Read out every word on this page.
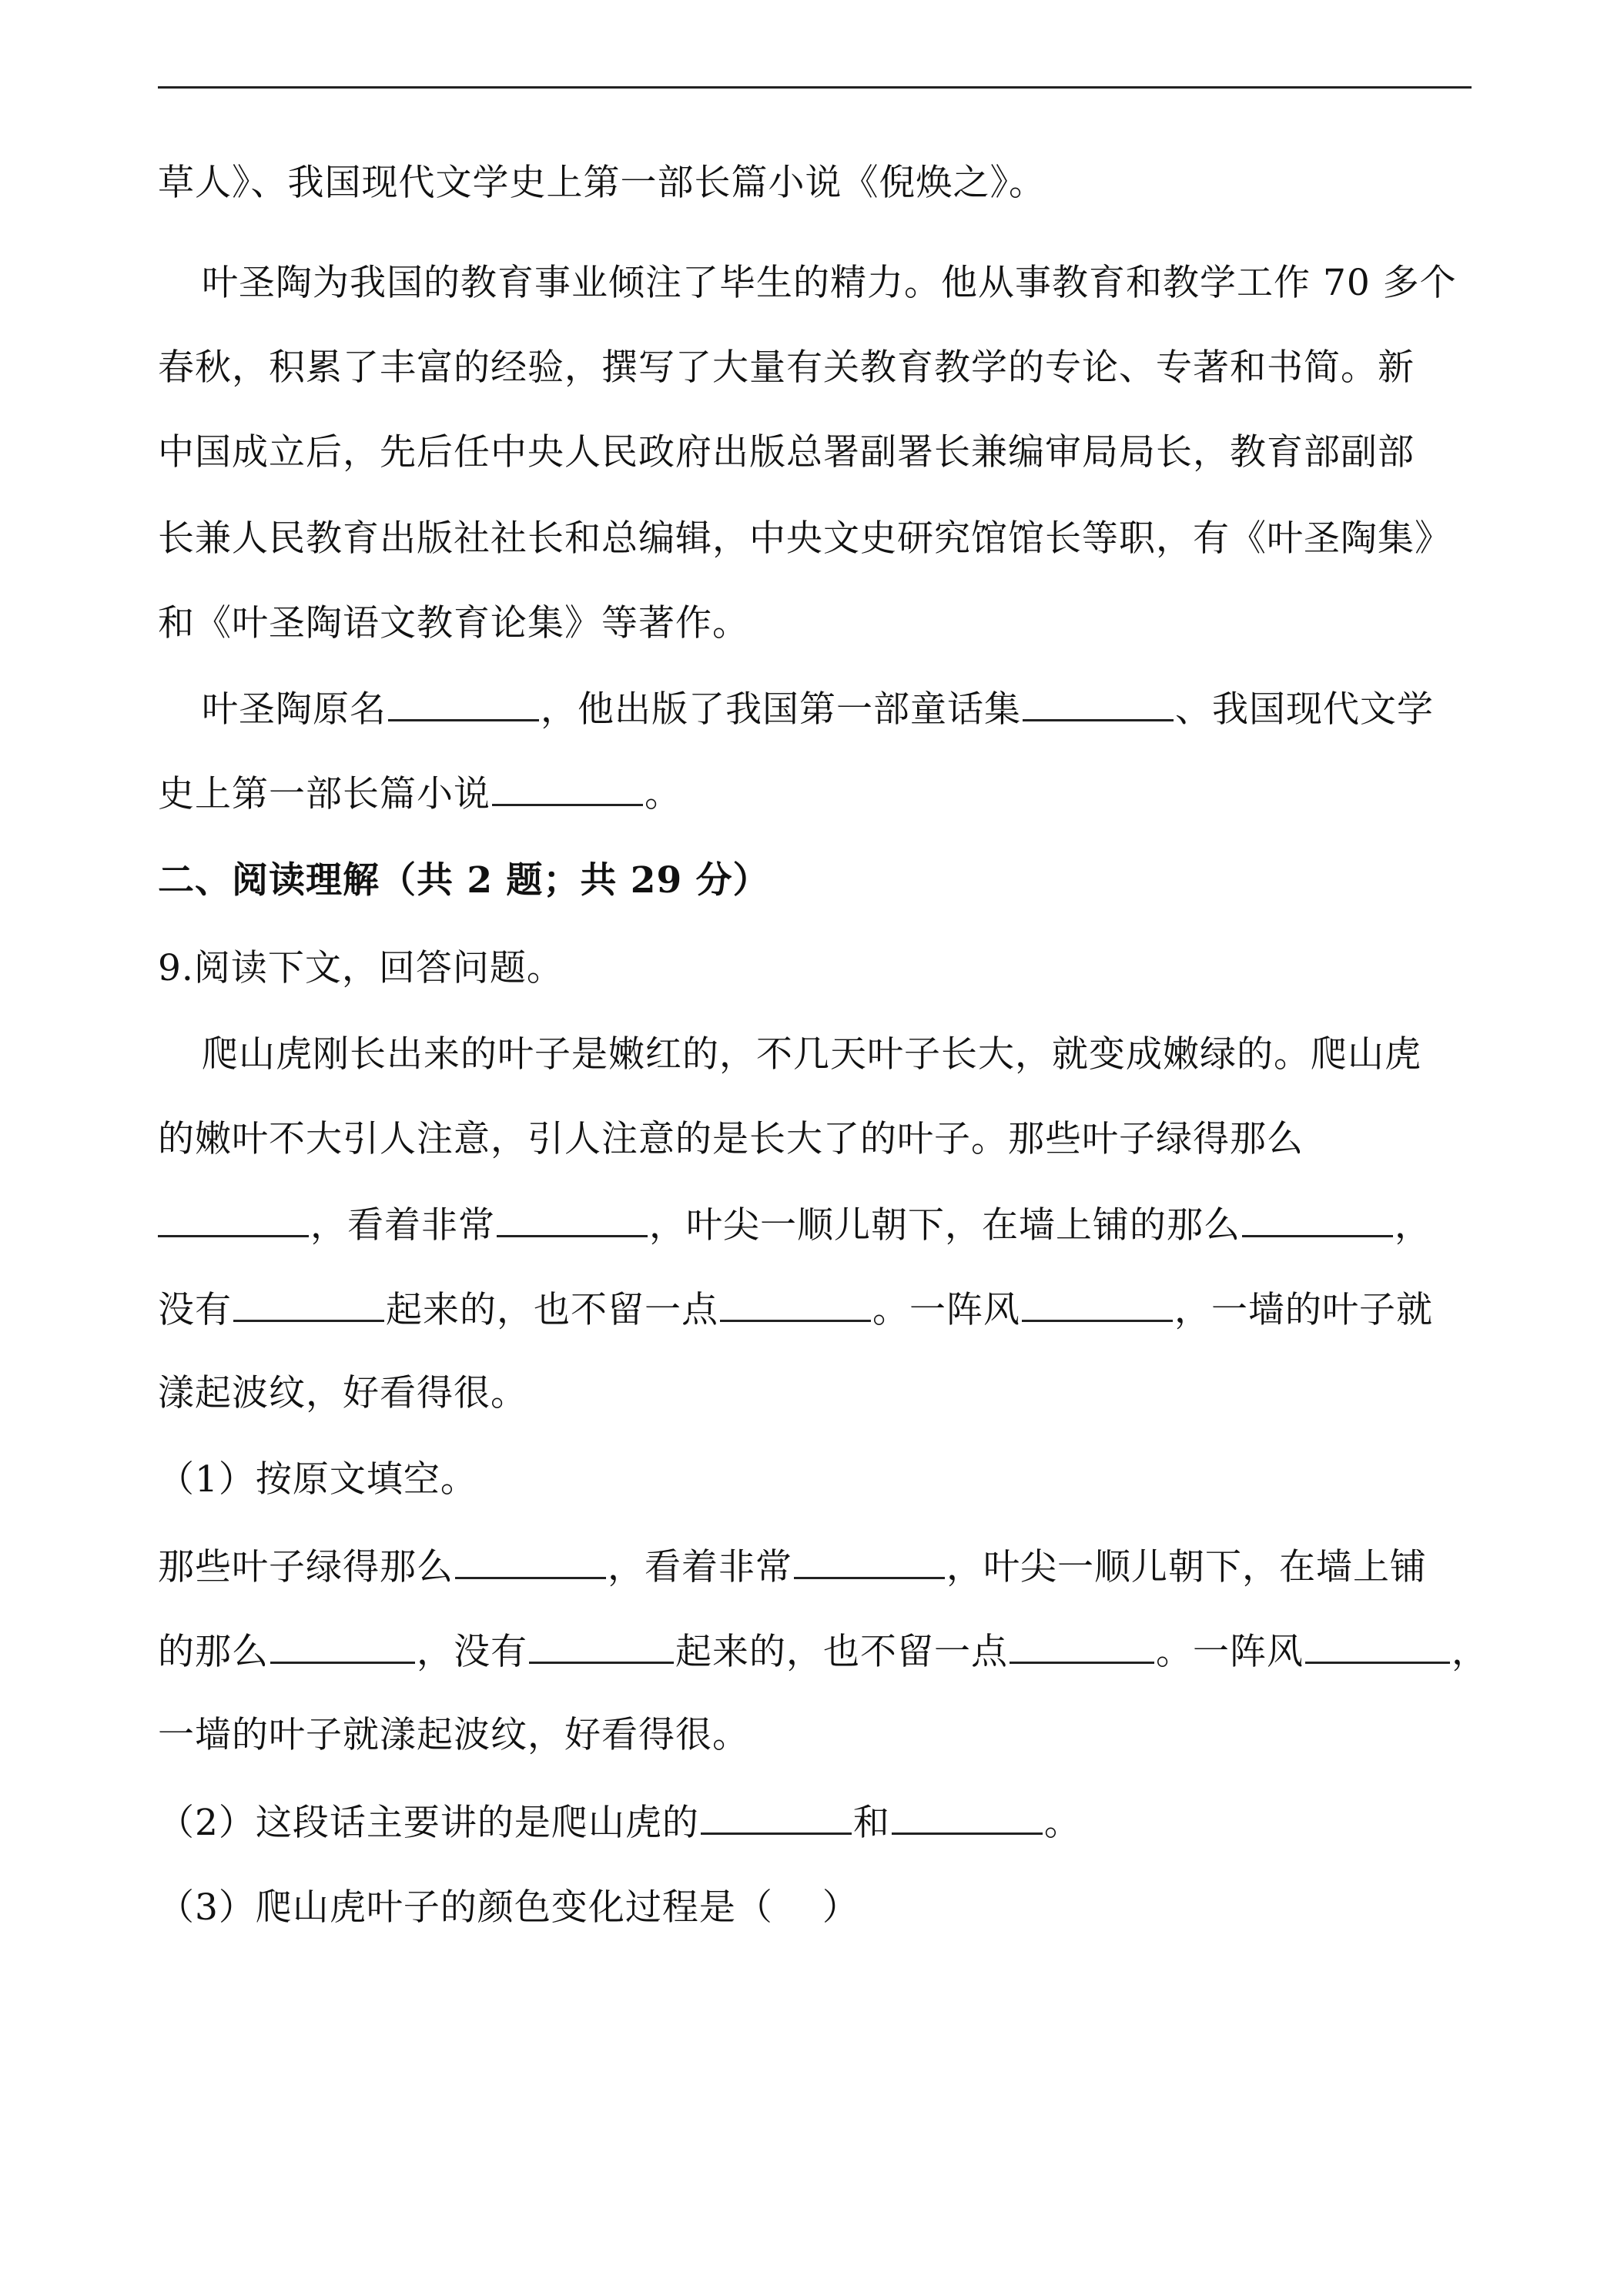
草人》、我国现代文学史上第一部长篇小说《倪焕之》。
叶圣陶为我国的教育事业倾注了毕生的精力。他从事教育和教学工作 70 多个
春秋，积累了丰富的经验，撰写了大量有关教育教学的专论、专著和书简。新
中国成立后，先后任中央人民政府出版总署副署长兼编审局局长，教育部副部
长兼人民教育出版社社长和总编辑，中央文史研究馆馆长等职，有《叶圣陶集》
和《叶圣陶语文教育论集》等著作。
叶圣陶原名	，他出版了我国第一部童话集	、我国现代文学
史上第一部长篇小说	。
二、阅读理解（共 2 题；共 29 分）
9.阅读下文，回答问题。
爬山虎刚长出来的叶子是嫩红的，不几天叶子长大，就变成嫩绿的。爬山虎
的嫩叶不大引人注意，引人注意的是长大了的叶子。那些叶子绿得那么
，看着非常	，叶尖一顺儿朝下，在墙上铺的那么	，
没有	起来的，也不留一点	。一阵风	，一墙的叶子就
漾起波纹，好看得很。
（1）按原文填空。
那些叶子绿得那么	，看着非常	，叶尖一顺儿朝下，在墙上铺
的那么	，没有	起来的，也不留一点	。一阵风	，
一墙的叶子就漾起波纹，好看得很。
（2）这段话主要讲的是爬山虎的	和	。
（3）爬山虎叶子的颜色变化过程是（　 ）
